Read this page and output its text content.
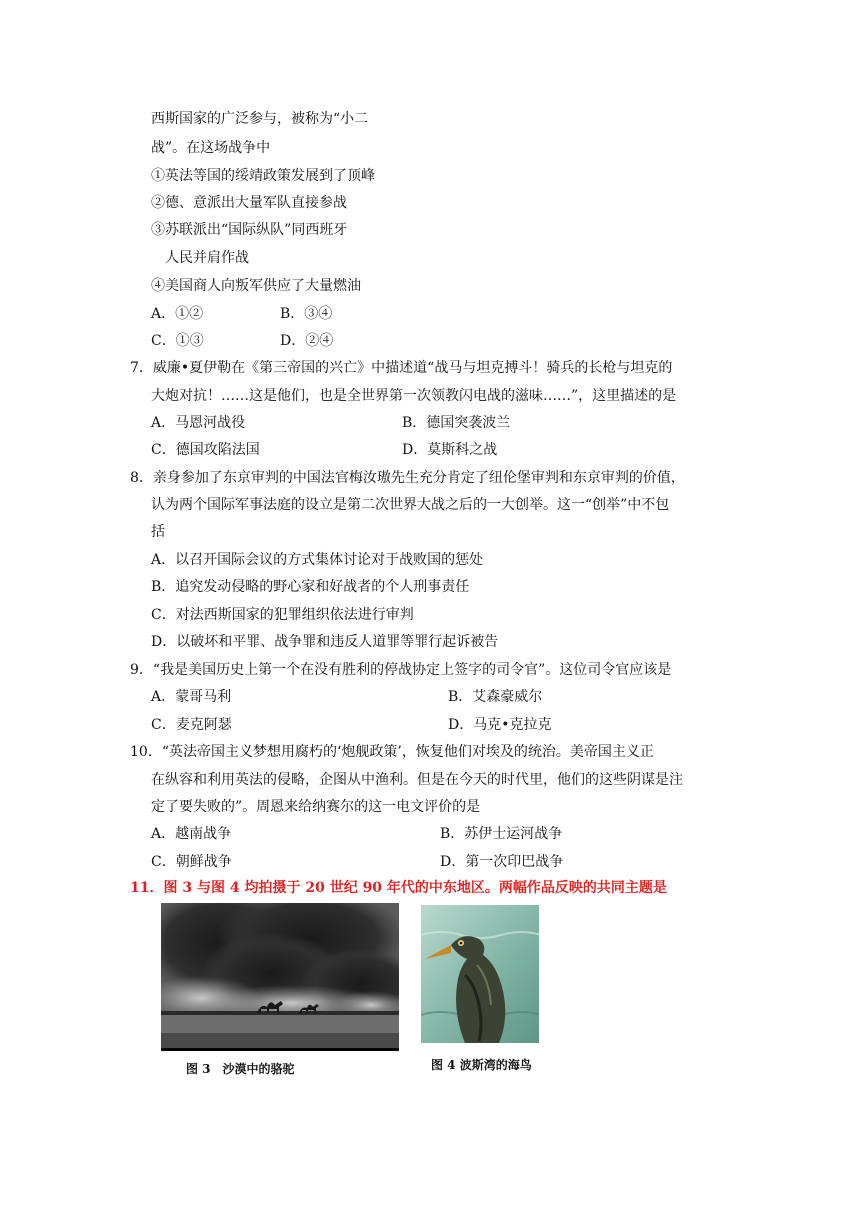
西斯国家的广泛参与，被称为“小二
战”。在这场战争中
①英法等国的绥靖政策发展到了顶峰
②德、意派出大量军队直接参战
③苏联派出“国际纵队”同西班牙
人民并肩作战
④美国商人向叛军供应了大量燃油
A．①②	B．③④
C．①③	D．②④
7．威廉•夏伊勒在《第三帝国的兴亡》中描述道“战马与坦克搏斗！骑兵的长枪与坦克的
大炮对抗！……这是他们，也是全世界第一次领教闪电战的滋味……”，这里描述的是
A．马恩河战役	B．德国突袭波兰
C．德国攻陷法国	D．莫斯科之战
8．亲身参加了东京审判的中国法官梅汝璈先生充分肯定了纽伦堡审判和东京审判的价值，
认为两个国际军事法庭的设立是第二次世界大战之后的一大创举。这一“创举”中不包
括
A．以召开国际会议的方式集体讨论对于战败国的惩处
B．追究发动侵略的野心家和好战者的个人刑事责任
C．对法西斯国家的犯罪组织依法进行审判
D．以破坏和平罪、战争罪和违反人道罪等罪行起诉被告
9．“我是美国历史上第一个在没有胜利的停战协定上签字的司令官”。这位司令官应该是
A．蒙哥马利	B．艾森豪威尔
C．麦克阿瑟	D．马克•克拉克
10．“英法帝国主义梦想用腐朽的‘炮舰政策’，恢复他们对埃及的统治。美帝国主义正
在纵容和利用英法的侵略，企图从中渔利。但是在今天的时代里，他们的这些阴谋是注
定了要失败的”。周恩来给纳赛尔的这一电文评价的是
A．越南战争	B．苏伊士运河战争
C．朝鲜战争	D．第一次印巴战争
11．图 3 与图 4 均拍摄于 20 世纪 90 年代的中东地区。两幅作品反映的共同主题是
图 3　沙漠中的骆驼	图 4 波斯湾的海鸟
